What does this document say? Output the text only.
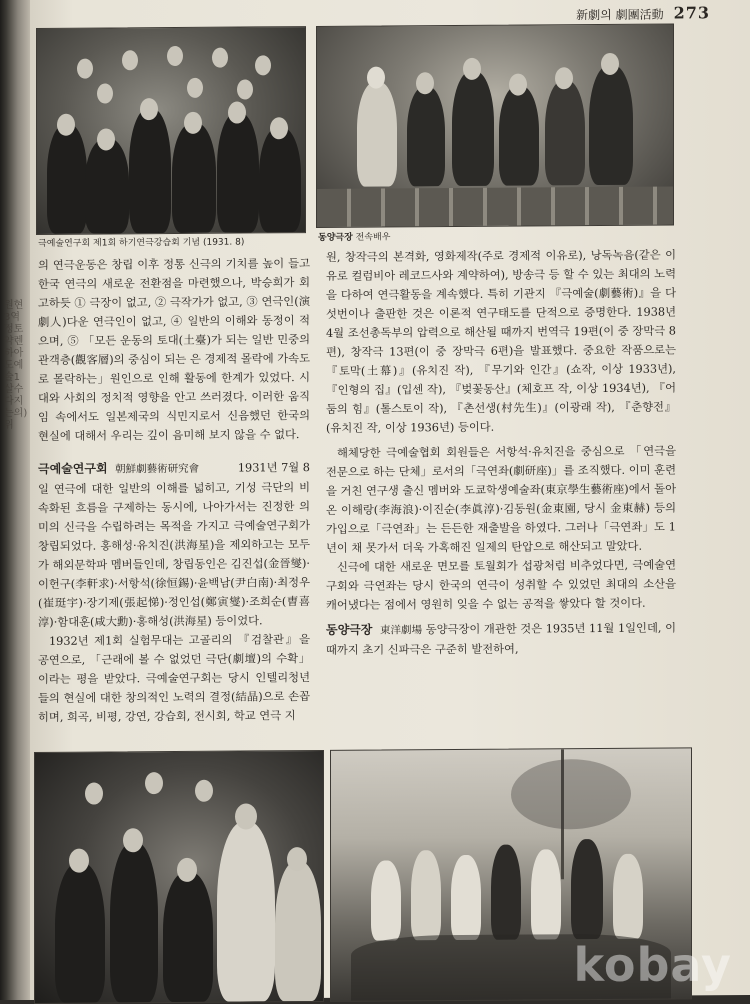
원현3역정토약렌하아도예술1살수다지는의)위
新劇의 劇團活動 273
극예술연구회 제1회 하기연극강습회 기념 (1931. 8)	동양극장 전속배우

의 연극운동은 창립 이후 정통 신극의 기치를 높이 들고 한국 연극의 새로운 전환점을 마련했으나, 박승희가 회고하듯 ① 극장이 없고, ② 극작가가 없고, ③ 연극인(演劇人)다운 연극인이 없고, ④ 일반의 이해와 동정이 적으며, ⑤ 「모든 운동의 토대(土臺)가 되는 일반 민중의 관객층(觀客層)의 중심이 되는 은 경제적 몰락에 가속도로 몰락하는」원인으로 인해 활동에 한계가 있었다. 시대와 사회의 정치적 영향을 안고 쓰러졌다. 이러한 움직임 속에서도 일본제국의 식민지로서 신음했던 한국의 현실에 대해서 우리는 깊이 음미해 보지 않을 수 없다.

극예술연구회 朝鮮劇藝術研究會	1931년 7월 8

일 연극에 대한 일반의 이해를 넓히고, 기성 극단의 비속화된 흐름을 구제하는 동시에, 나아가서는 진정한 의미의 신극을 수립하려는 목적을 가지고 극예술연구회가 창립되었다. 홍해성·유치진(洪海星)을 제외하고는 모두가 해외문학파 멤버들인데, 창립동인은 김진섭(金晉燮)·이헌구(李軒求)·서항석(徐恒錫)·윤백남(尹白南)·최정우(崔珽宇)·장기제(張起悌)·정인섭(鄭寅燮)·조희순(曺喜淳)·함대훈(咸大勳)·홍해성(洪海星) 등이었다.

1932년 제1회 실험무대는 고골리의 『검찰관』을 공연으로, 「근래에 볼 수 없었던 극단(劇壇)의 수확」이라는 평을 받았다. 극예술연구회는 당시 인텔리청년들의 현실에 대한 창의적인 노력의 결정(結晶)으로 손꼽히며, 희곡, 비평, 강연, 강습회, 전시회, 학교 연극 지

원, 창작극의 본격화, 영화제작(주로 경제적 이유로), 낭독녹음(같은 이유로 컬럼비아 레코드사와 계약하여), 방송극 등 할 수 있는 최대의 노력을 다하여 연극활동을 계속했다. 특히 기관지 『극예술(劇藝術)』을 다섯번이나 출판한 것은 이론적 연구태도를 단적으로 증명한다. 1938년 4월 조선총독부의 압력으로 해산될 때까지 번역극 19편(이 중 장막극 8편), 창작극 13편(이 중 장막극 6편)을 발표했다. 중요한 작품으로는 『토막(土幕)』(유치진 작), 『무기와 인간』(쇼작, 이상 1933년), 『인형의 집』(입센 작), 『벚꽃동산』(체호프 작, 이상 1934년), 『어둠의 힘』(톨스토이 작), 『촌선생(村先生)』(이광래 작), 『춘향전』(유치진 작, 이상 1936년) 등이다.

해체당한 극예술협회 회원들은 서항석·유치진을 중심으로 「연극을 전문으로 하는 단체」로서의「극연좌(劇研座)」를 조직했다. 이미 훈련을 거친 연구생 출신 멤버와 도쿄학생예술좌(東京學生藝術座)에서 돌아온 이해랑(李海浪)·이진순(李眞淳)·김동원(金東園, 당시 金東赫) 등의 가입으로「극연좌」는 든든한 재출발을 하였다. 그러나「극연좌」도 1년이 채 못가서 더욱 가혹해진 일제의 탄압으로 해산되고 말았다.

신극에 대한 새로운 면모를 토월회가 섭광처럼 비추었다면, 극예술연구회와 극연좌는 당시 한국의 연극이 성취할 수 있었던 최대의 소산을 캐어냈다는 점에서 영원히 잊을 수 없는 공적을 쌓았다 할 것이다.

동양극장 東洋劇場 동양극장이 개관한 것은 1935년 11월 1일인데, 이때까지 초기 신파극은 구준히 발전하여,
kobay
